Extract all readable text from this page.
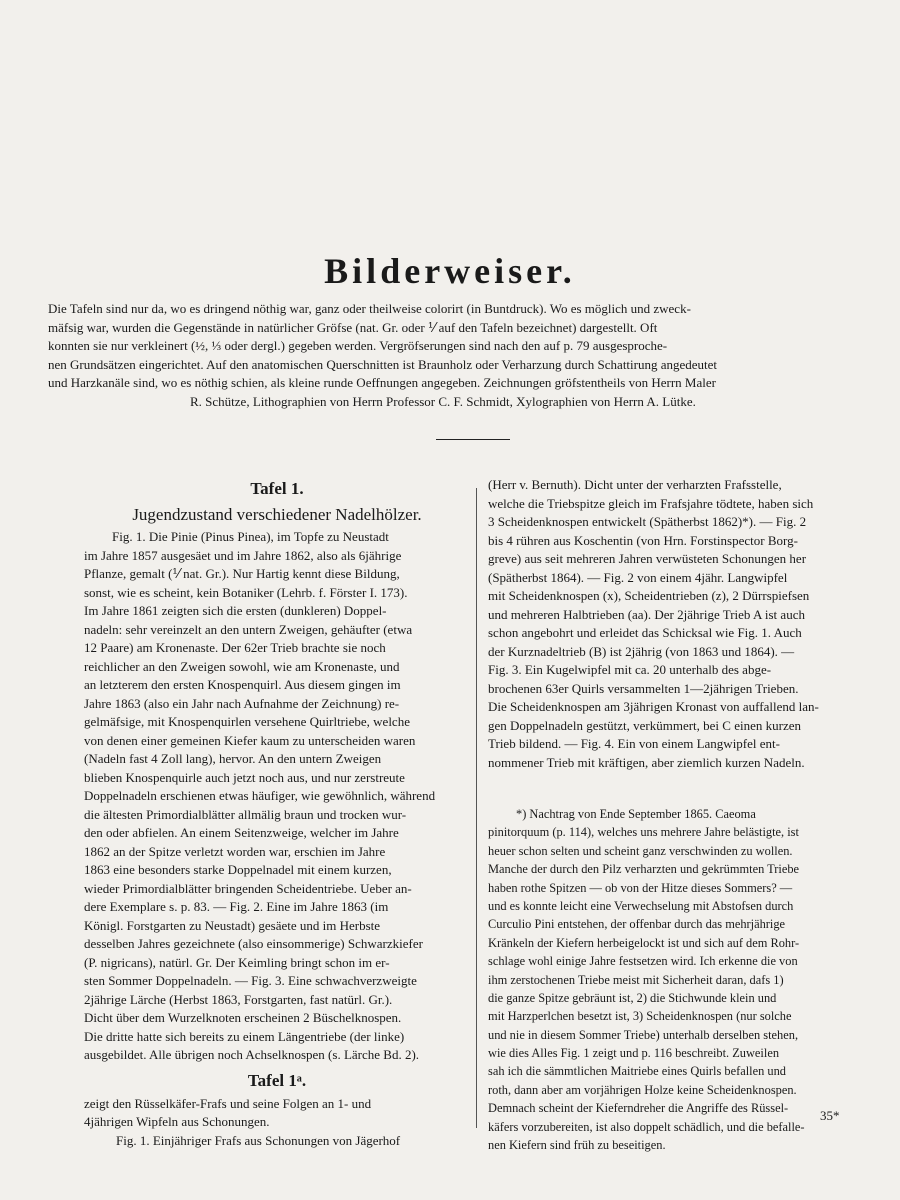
Bilderweiser.
Die Tafeln sind nur da, wo es dringend nöthig war, ganz oder theilweise colorirt (in Buntdruck). Wo es möglich und zweck-
mäfsig war, wurden die Gegenstände in natürlicher Gröfse (nat. Gr. oder ⅟ auf den Tafeln bezeichnet) dargestellt. Oft
konnten sie nur verkleinert (½, ⅓ oder dergl.) gegeben werden. Vergröfserungen sind nach den auf p. 79 ausgesproche-
nen Grundsätzen eingerichtet. Auf den anatomischen Querschnitten ist Braunholz oder Verharzung durch Schattirung angedeutet
und Harzkanäle sind, wo es nöthig schien, als kleine runde Oeffnungen angegeben. Zeichnungen gröfstentheils von Herrn Maler
R. Schütze, Lithographien von Herrn Professor C. F. Schmidt, Xylographien von Herrn A. Lütke.
Tafel 1.
Jugendzustand verschiedener Nadelhölzer.
Fig. 1. Die Pinie (Pinus Pinea), im Topfe zu Neustadt
im Jahre 1857 ausgesäet und im Jahre 1862, also als 6jährige
Pflanze, gemalt (⅟ nat. Gr.). Nur Hartig kennt diese Bildung,
sonst, wie es scheint, kein Botaniker (Lehrb. f. Förster I. 173).
Im Jahre 1861 zeigten sich die ersten (dunkleren) Doppel-
nadeln: sehr vereinzelt an den untern Zweigen, gehäufter (etwa
12 Paare) am Kronenaste. Der 62er Trieb brachte sie noch
reichlicher an den Zweigen sowohl, wie am Kronenaste, und
an letzterem den ersten Knospenquirl. Aus diesem gingen im
Jahre 1863 (also ein Jahr nach Aufnahme der Zeichnung) re-
gelmäfsige, mit Knospenquirlen versehene Quirltriebe, welche
von denen einer gemeinen Kiefer kaum zu unterscheiden waren
(Nadeln fast 4 Zoll lang), hervor. An den untern Zweigen
blieben Knospenquirle auch jetzt noch aus, und nur zerstreute
Doppelnadeln erschienen etwas häufiger, wie gewöhnlich, während
die ältesten Primordialblätter allmälig braun und trocken wur-
den oder abfielen. An einem Seitenzweige, welcher im Jahre
1862 an der Spitze verletzt worden war, erschien im Jahre
1863 eine besonders starke Doppelnadel mit einem kurzen,
wieder Primordialblätter bringenden Scheidentriebe. Ueber an-
dere Exemplare s. p. 83. — Fig. 2. Eine im Jahre 1863 (im
Königl. Forstgarten zu Neustadt) gesäete und im Herbste
desselben Jahres gezeichnete (also einsommerige) Schwarzkiefer
(P. nigricans), natürl. Gr. Der Keimling bringt schon im er-
sten Sommer Doppelnadeln. — Fig. 3. Eine schwachverzweigte
2jährige Lärche (Herbst 1863, Forstgarten, fast natürl. Gr.).
Dicht über dem Wurzelknoten erscheinen 2 Büschelknospen.
Die dritte hatte sich bereits zu einem Längentriebe (der linke)
ausgebildet. Alle übrigen noch Achselknospen (s. Lärche Bd. 2).
Tafel 1ᵃ.
zeigt den Rüsselkäfer-Frafs und seine Folgen an 1- und
4jährigen Wipfeln aus Schonungen.
Fig. 1. Einjähriger Frafs aus Schonungen von Jägerhof
(Herr v. Bernuth). Dicht unter der verharzten Frafsstelle,
welche die Triebspitze gleich im Frafsjahre tödtete, haben sich
3 Scheidenknospen entwickelt (Spätherbst 1862)*). — Fig. 2
bis 4 rühren aus Koschentin (von Hrn. Forstinspector Borg-
greve) aus seit mehreren Jahren verwüsteten Schonungen her
(Spätherbst 1864). — Fig. 2 von einem 4jähr. Langwipfel
mit Scheidenknospen (x), Scheidentrieben (z), 2 Dürrspiefsen
und mehreren Halbtrieben (aa). Der 2jährige Trieb A ist auch
schon angebohrt und erleidet das Schicksal wie Fig. 1. Auch
der Kurznadeltrieb (B) ist 2jährig (von 1863 und 1864). —
Fig. 3. Ein Kugelwipfel mit ca. 20 unterhalb des abge-
brochenen 63er Quirls versammelten 1—2jährigen Trieben.
Die Scheidenknospen am 3jährigen Kronast von auffallend lan-
gen Doppelnadeln gestützt, verkümmert, bei C einen kurzen
Trieb bildend. — Fig. 4. Ein von einem Langwipfel ent-
nommener Trieb mit kräftigen, aber ziemlich kurzen Nadeln.
*) Nachtrag von Ende September 1865. Caeoma
pinitorquum (p. 114), welches uns mehrere Jahre belästigte, ist
heuer schon selten und scheint ganz verschwinden zu wollen.
Manche der durch den Pilz verharzten und gekrümmten Triebe
haben rothe Spitzen — ob von der Hitze dieses Sommers? —
und es konnte leicht eine Verwechselung mit Abstofsen durch
Curculio Pini entstehen, der offenbar durch das mehrjährige
Kränkeln der Kiefern herbeigelockt ist und sich auf dem Rohr-
schlage wohl einige Jahre festsetzen wird. Ich erkenne die von
ihm zerstochenen Triebe meist mit Sicherheit daran, dafs 1)
die ganze Spitze gebräunt ist, 2) die Stichwunde klein und
mit Harzperlchen besetzt ist, 3) Scheidenknospen (nur solche
und nie in diesem Sommer Triebe) unterhalb derselben stehen,
wie dies Alles Fig. 1 zeigt und p. 116 beschreibt. Zuweilen
sah ich die sämmtlichen Maitriebe eines Quirls befallen und
roth, dann aber am vorjährigen Holze keine Scheidenknospen.
Demnach scheint der Kieferndreher die Angriffe des Rüssel-
käfers vorzubereiten, ist also doppelt schädlich, und die befalle-
nen Kiefern sind früh zu beseitigen.
35*
